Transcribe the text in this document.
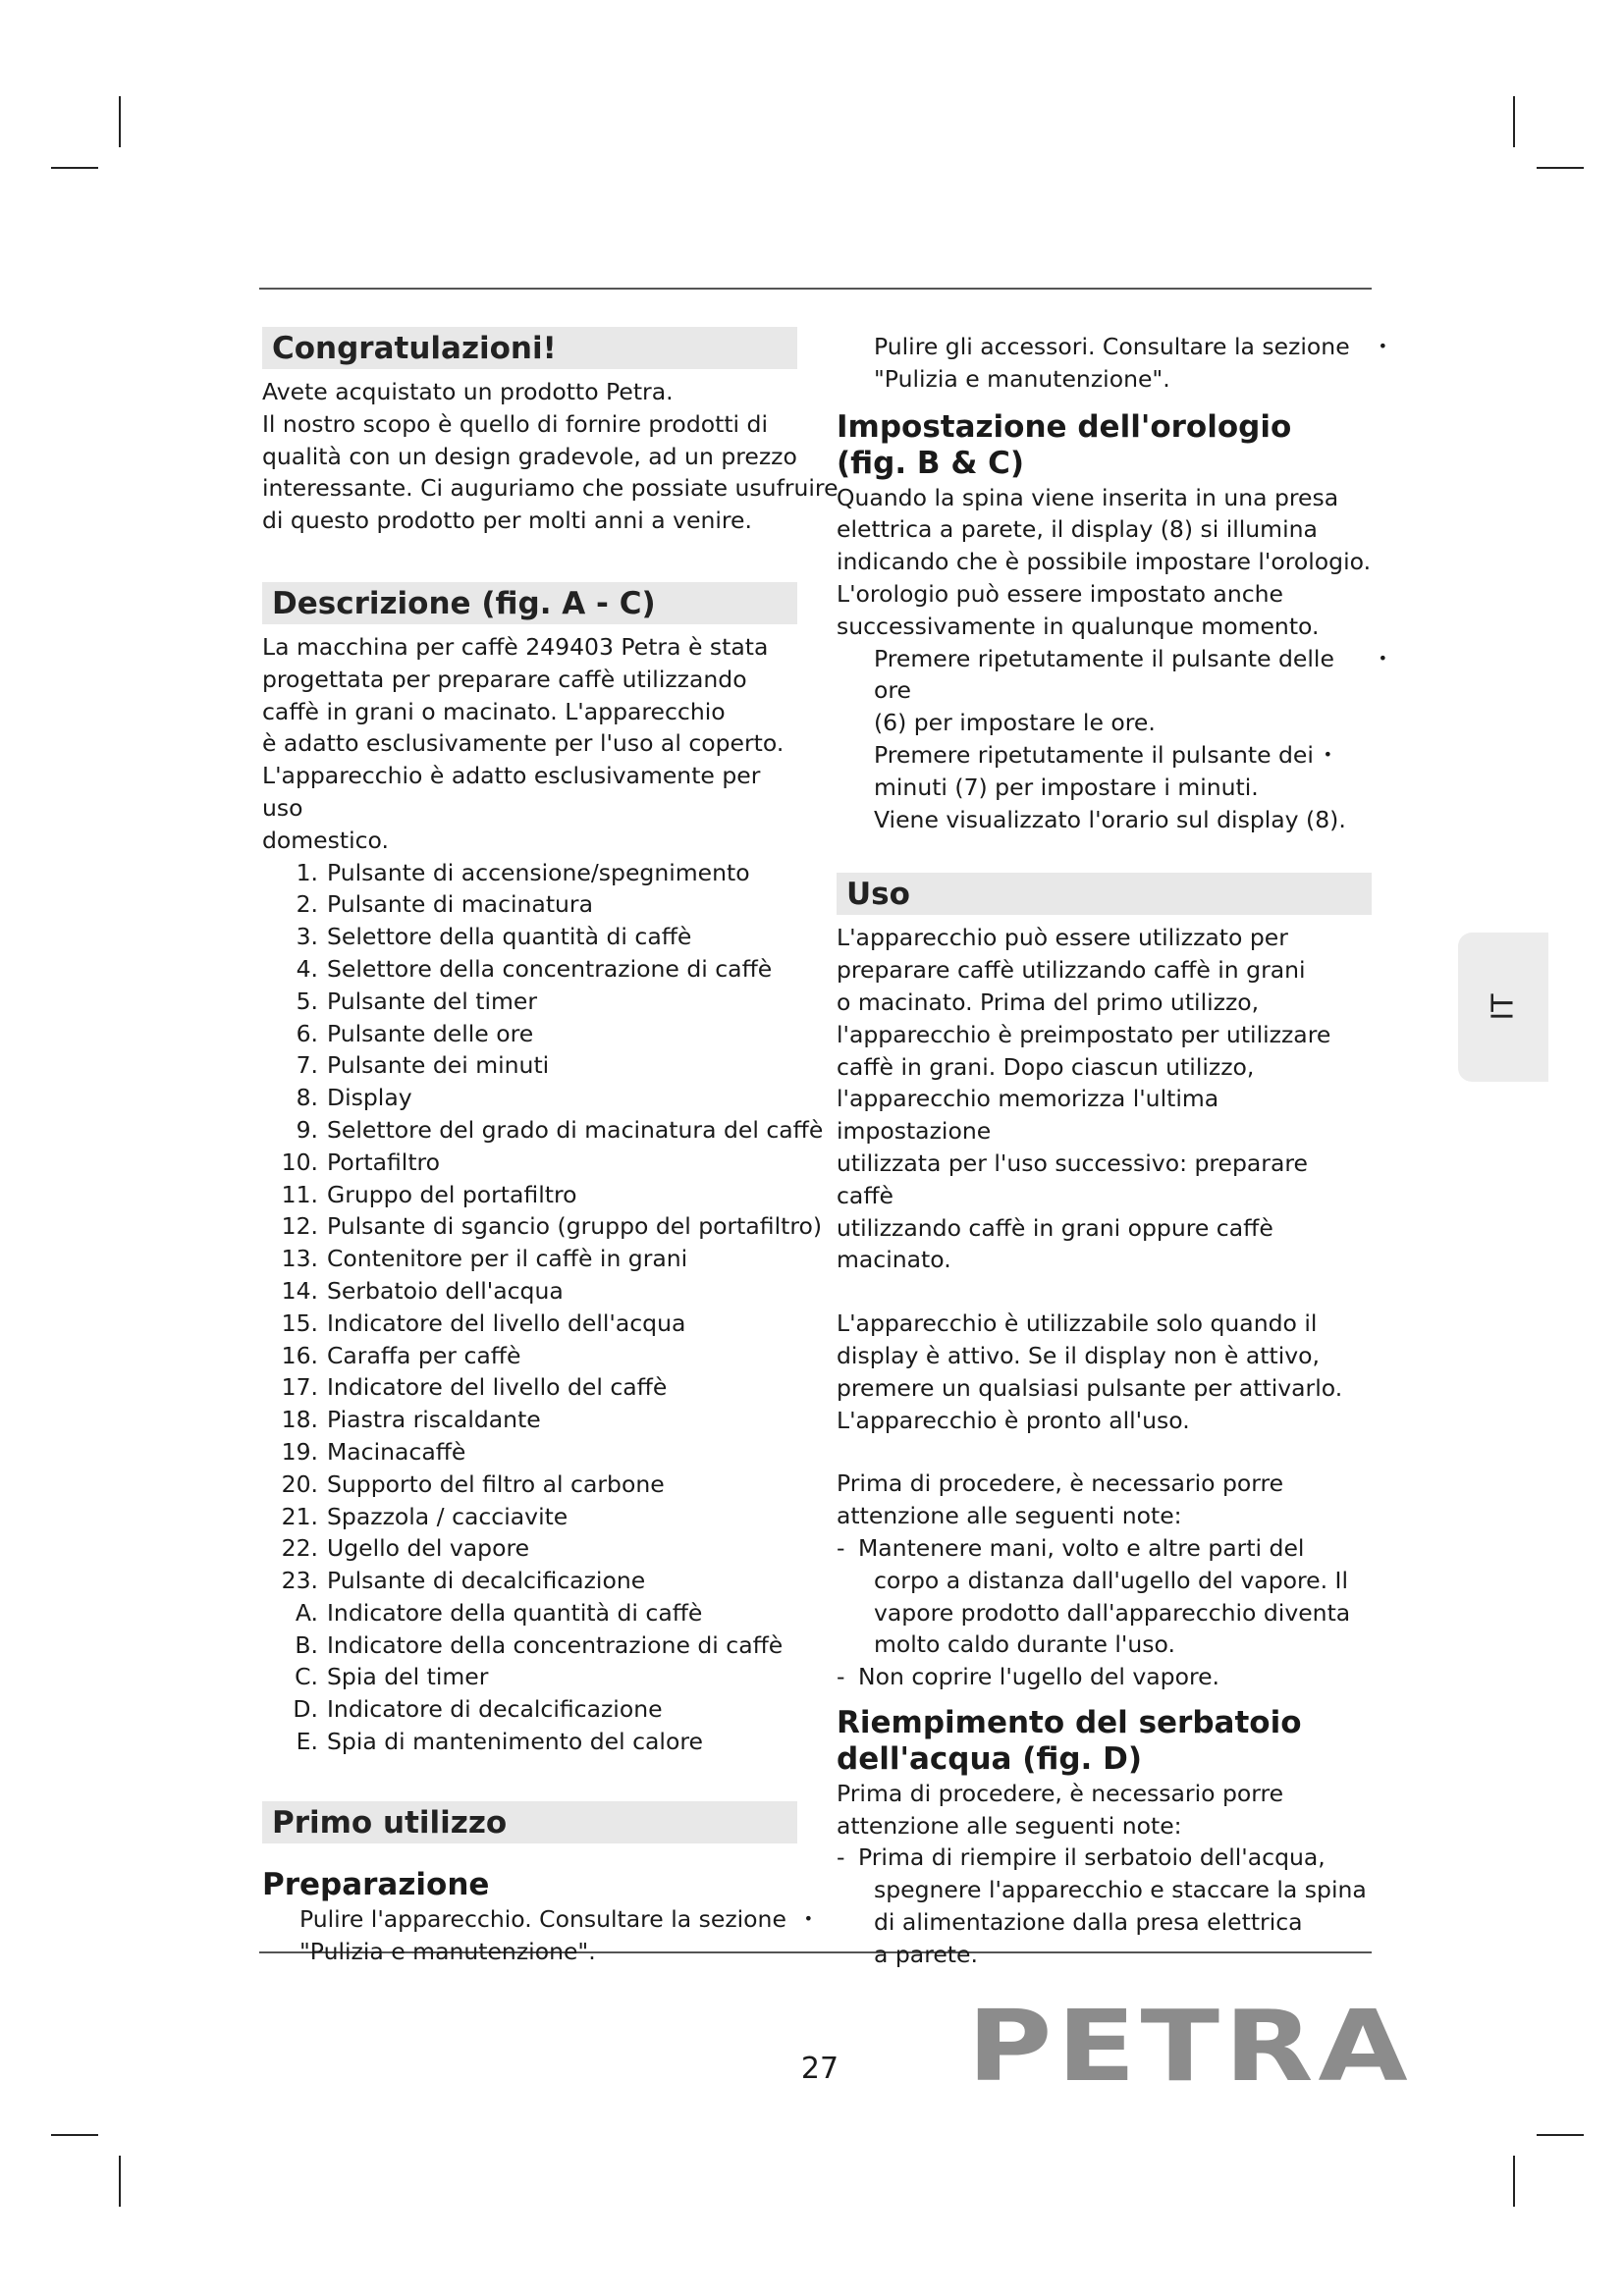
Congratulazioni!

Avete acquistato un prodotto Petra.

Il nostro scopo è quello di fornire prodotti di

qualità con un design gradevole, ad un prezzo

interessante. Ci auguriamo che possiate usufruire

di questo prodotto per molti anni a venire.

Descrizione (fig. A - C)

La macchina per caffè 249403 Petra è stata

progettata per preparare caffè utilizzando

caffè in grani o macinato. L'apparecchio

è adatto esclusivamente per l'uso al coperto.

L'apparecchio è adatto esclusivamente per uso

domestico.

1. Pulsante di accensione/spegnimento
2. Pulsante di macinatura
3. Selettore della quantità di caffè
4. Selettore della concentrazione di caffè
5. Pulsante del timer
6. Pulsante delle ore
7. Pulsante dei minuti
8. Display
9. Selettore del grado di macinatura del caffè
10. Portafiltro
11. Gruppo del portafiltro
12. Pulsante di sgancio (gruppo del portafiltro)
13. Contenitore per il caffè in grani
14. Serbatoio dell'acqua
15. Indicatore del livello dell'acqua
16. Caraffa per caffè
17. Indicatore del livello del caffè
18. Piastra riscaldante
19. Macinacaffè
20. Supporto del filtro al carbone
21. Spazzola / cacciavite
22. Ugello del vapore
23. Pulsante di decalcificazione
A. Indicatore della quantità di caffè
B. Indicatore della concentrazione di caffè
C. Spia del timer
D. Indicatore di decalcificazione
E. Spia di mantenimento del calore
Primo utilizzo
Preparazione

Pulire l'apparecchio. Consultare la sezione

"Pulizia e manutenzione".

•

Pulire gli accessori. Consultare la sezione

"Pulizia e manutenzione".

•
Impostazione dell'orologio
(fig. B & C)

Quando la spina viene inserita in una presa

elettrica a parete, il display (8) si illumina

indicando che è possibile impostare l'orologio.

L'orologio può essere impostato anche

successivamente in qualunque momento.

Premere ripetutamente il pulsante delle ore

(6) per impostare le ore.

•

Premere ripetutamente il pulsante dei

minuti (7) per impostare i minuti.

•

Viene visualizzato l'orario sul display (8).

Uso

L'apparecchio può essere utilizzato per

preparare caffè utilizzando caffè in grani

o macinato. Prima del primo utilizzo,

l'apparecchio è preimpostato per utilizzare

caffè in grani. Dopo ciascun utilizzo,

l'apparecchio memorizza l'ultima impostazione

utilizzata per l'uso successivo: preparare caffè

utilizzando caffè in grani oppure caffè macinato.

L'apparecchio è utilizzabile solo quando il

display è attivo. Se il display non è attivo,

premere un qualsiasi pulsante per attivarlo.

L'apparecchio è pronto all'uso.

Prima di procedere, è necessario porre

attenzione alle seguenti note:

- Mantenere mani, volto e altre parti del

corpo a distanza dall'ugello del vapore. Il

vapore prodotto dall'apparecchio diventa

molto caldo durante l'uso.

- Non coprire l'ugello del vapore.
Riempimento del serbatoio
dell'acqua (fig. D)

Prima di procedere, è necessario porre

attenzione alle seguenti note:

- Prima di riempire il serbatoio dell'acqua,

spegnere l'apparecchio e staccare la spina

di alimentazione dalla presa elettrica

a parete.

IT
27 PETRA
